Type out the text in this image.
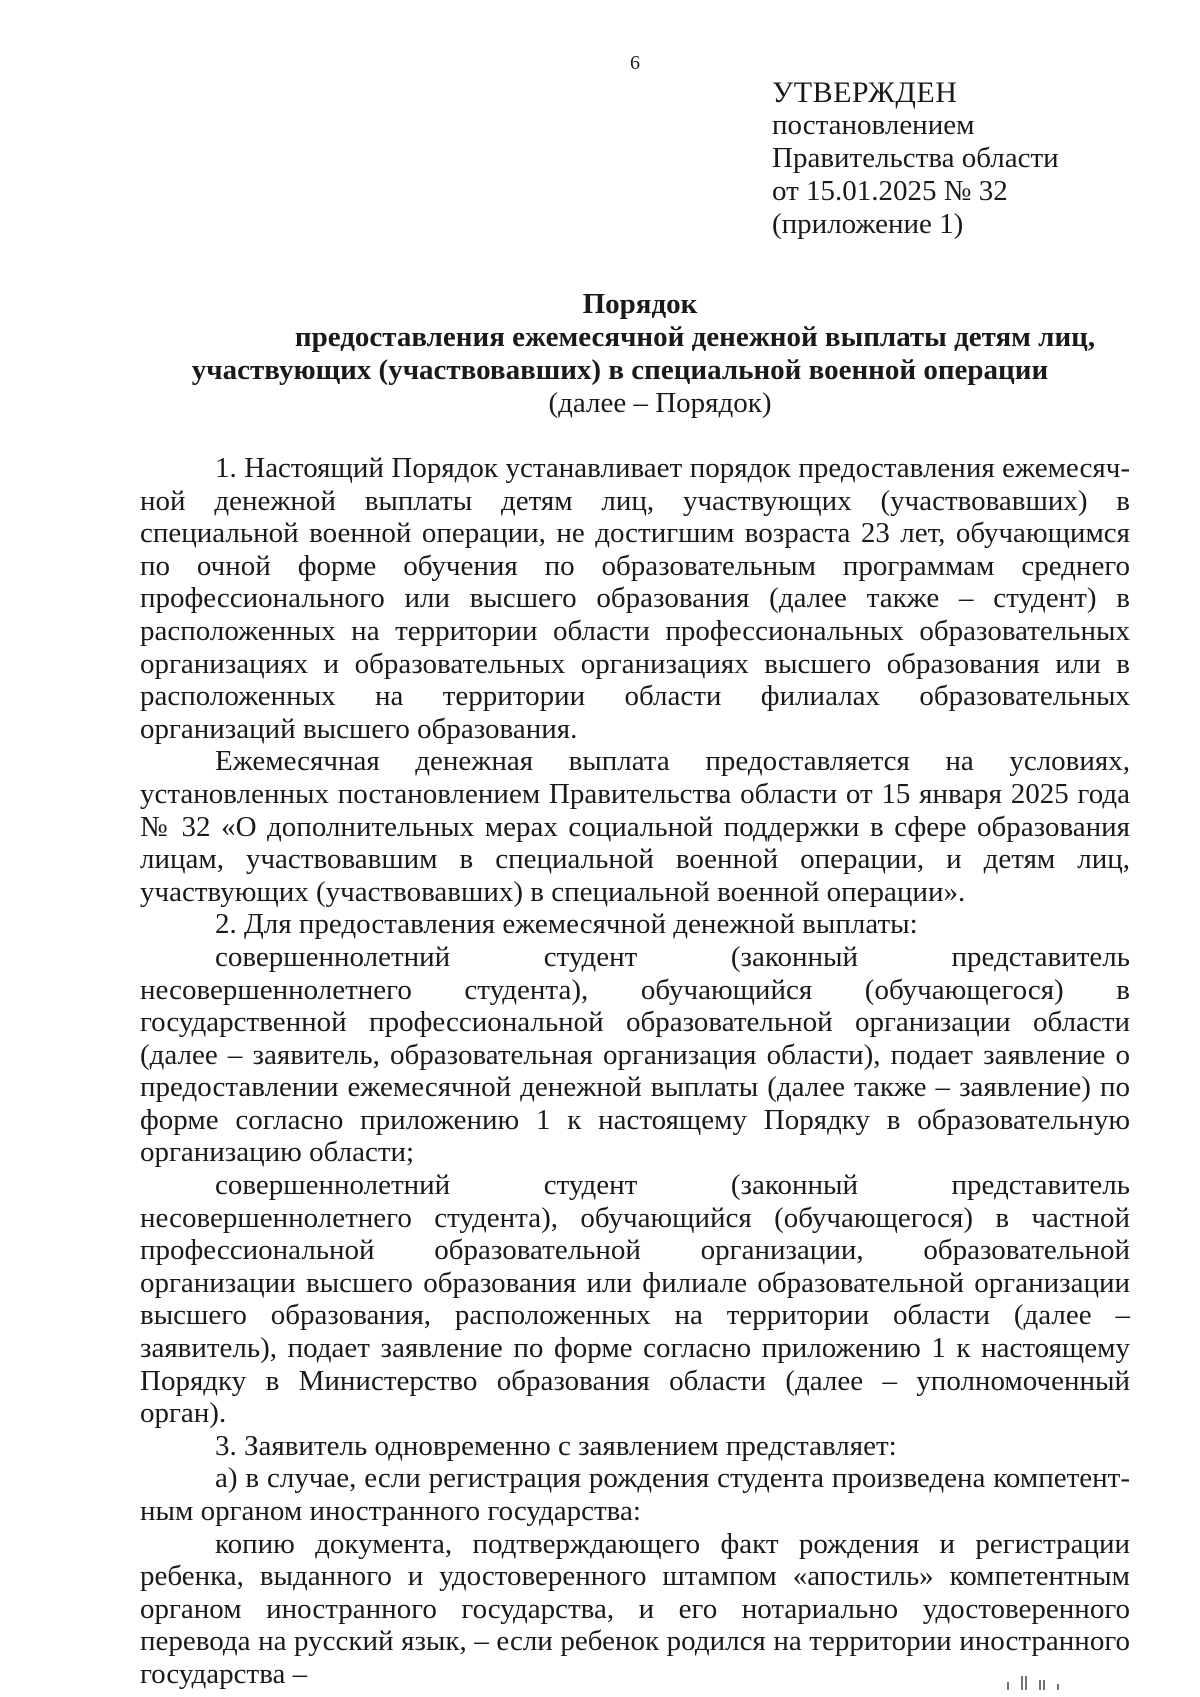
6
УТВЕРЖДЕН
постановлением
Правительства области
от 15.01.2025 № 32
(приложение 1)
Порядок
предоставления ежемесячной денежной выплаты детям лиц,
участвующих (участвовавших) в специальной военной операции
(далее – Порядок)

1. Настоящий Порядок устанавливает порядок предоставления ежемесячной денежной выплаты детям лиц, участвующих (участвовавших) в специальной военной операции, не достигшим возраста 23 лет, обучающимся по очной форме обучения по образовательным программам среднего профессионального или высшего образования (далее также – студент) в расположенных на территории области профессиональных образовательных организациях и образовательных организациях высшего образования или в расположенных на территории области филиалах образовательных организаций высшего образования.

Ежемесячная денежная выплата предоставляется на условиях, установленных постановлением Правительства области от 15 января 2025 года № 32 «О дополнительных мерах социальной поддержки в сфере образования лицам, участвовавшим в специальной военной операции, и детям лиц, участвующих (участвовавших) в специальной военной операции».

2. Для предоставления ежемесячной денежной выплаты:

совершеннолетний студент (законный представитель несовершеннолетнего студента), обучающийся (обучающегося) в государственной профессиональной образовательной организации области (далее – заявитель, образовательная организация области), подает заявление о предоставлении ежемесячной денежной выплаты (далее также – заявление) по форме согласно приложению 1 к настоящему Порядку в образовательную организацию области;

совершеннолетний студент (законный представитель несовершеннолетнего студента), обучающийся (обучающегося) в частной профессиональной образовательной организации, образовательной организации высшего образования или филиале образовательной организации высшего образования, расположенных на территории области (далее – заявитель), подает заявление по форме согласно приложению 1 к настоящему Порядку в Министерство образования области (далее – уполномоченный орган).

3. Заявитель одновременно с заявлением представляет:

а) в случае, если регистрация рождения студента произведена компетентным органом иностранного государства:

копию документа, подтверждающего факт рождения и регистрации ребенка, выданного и удостоверенного штампом «апостиль» компетентным органом иностранного государства, и его нотариально удостоверенного перевода на русский язык, – если ребенок родился на территории иностранного государства –
